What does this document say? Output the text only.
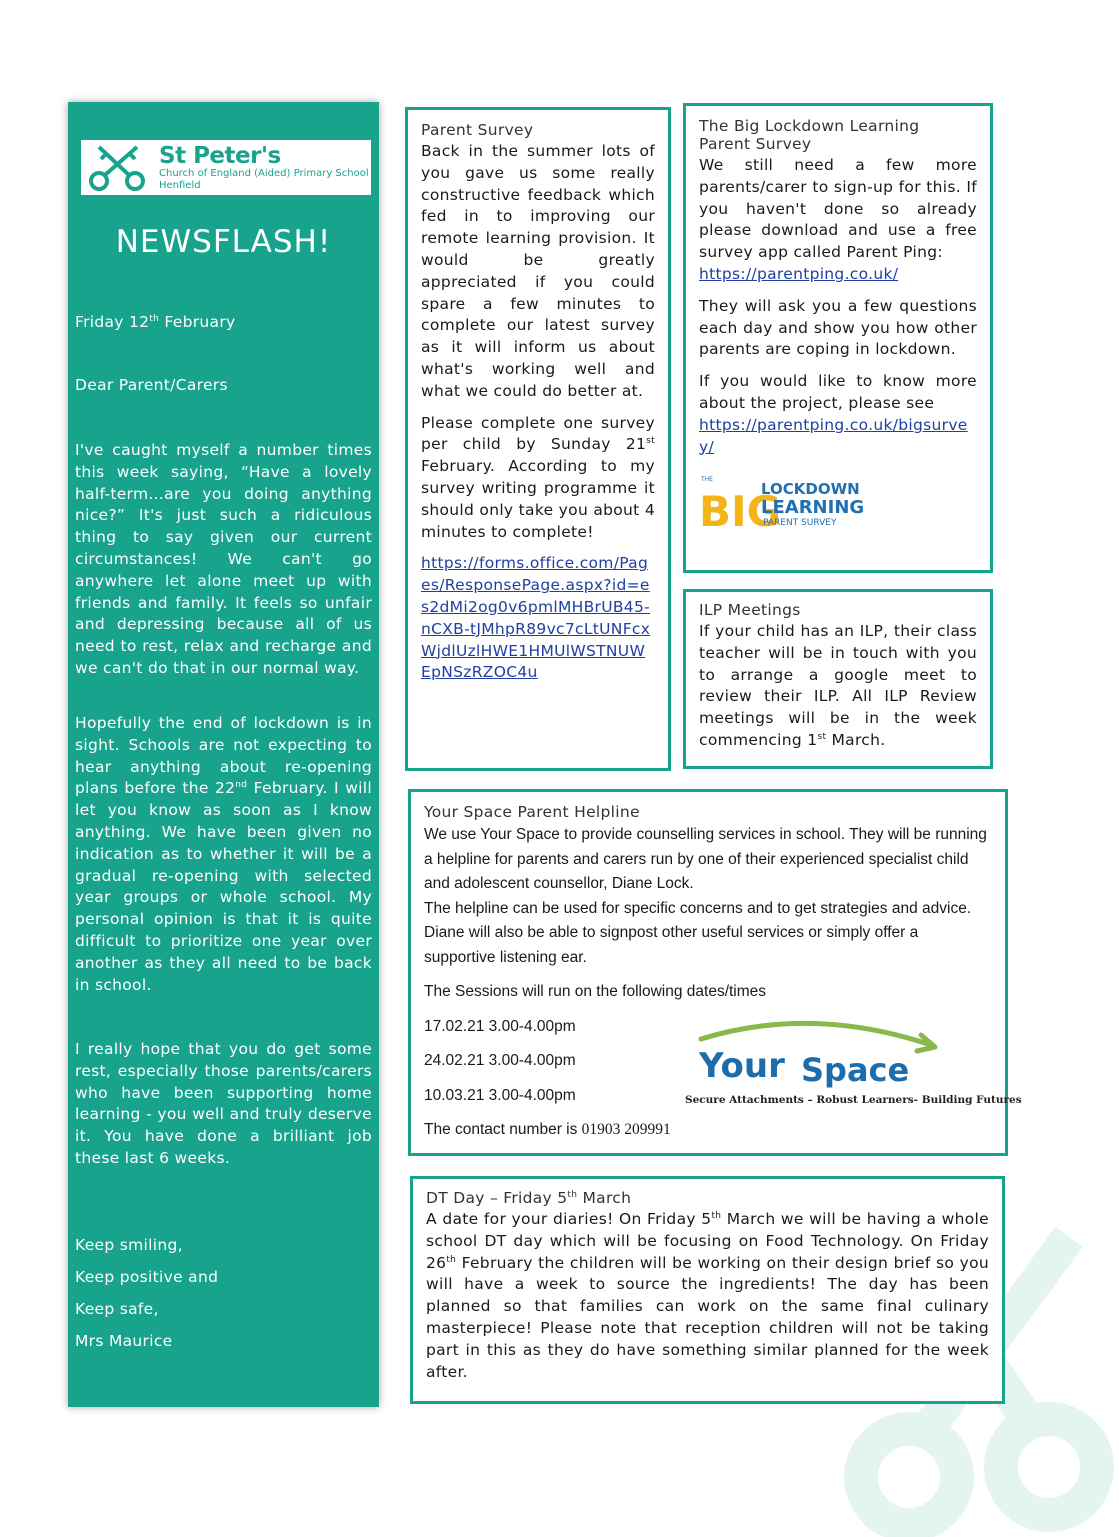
St Peter's
Church of England (Aided) Primary School
Henfield
NEWSFLASH!
Friday 12th February
Dear Parent/Carers
I've caught myself a number times this week saying, “Have a lovely half-term…are you doing anything nice?” It's just such a ridiculous thing to say given our current circumstances! We can't go anywhere let alone meet up with friends and family. It feels so unfair and depressing because all of us need to rest, relax and recharge and we can't do that in our normal way.
Hopefully the end of lockdown is in sight. Schools are not expecting to hear anything about re-opening plans before the 22nd February. I will let you know as soon as I know anything. We have been given no indication as to whether it will be a gradual re-opening with selected year groups or whole school. My personal opinion is that it is quite difficult to prioritize one year over another as they all need to be back in school.
I really hope that you do get some rest, especially those parents/carers who have been supporting home learning - you well and truly deserve it. You have done a brilliant job these last 6 weeks.
Keep smiling,
Keep positive and
Keep safe,
Mrs Maurice
Parent Survey

Back in the summer lots of you gave us some really constructive feedback which fed in to improving our remote learning provision. It would be greatly appreciated if you could spare a few minutes to complete our latest survey as it will inform us about what's working well and what we could do better at.

Please complete one survey per child by Sunday 21st February. According to my survey writing programme it should only take you about 4 minutes to complete!

https://forms.office.com/Pages/ResponsePage.aspx?id=es2dMi2og0v6pmlMHBrUB45-nCXB-tJMhpR89vc7cLtUNFcxWjdlUzlHWE1HMUlWSTNUWEpNSzRZOC4u

The Big Lockdown Learning
Parent Survey

We still need a few more parents/carer to sign-up for this. If you haven't done so already please download and use a free survey app called Parent Ping:

https://parentping.co.uk/

They will ask you a few questions each day and show you how other parents are coping in lockdown.

If you would like to know more about the project, please see

https://parentping.co.uk/bigsurvey/

THE
BIG
LOCKDOWN
LEARNING
PARENT SURVEY
ILP Meetings
If your child has an ILP, their class teacher will be in touch with you to arrange a google meet to review their ILP. All ILP Review meetings will be in the week commencing 1st March.
Your Space Parent Helpline
We use Your Space to provide counselling services in school. They will be running a helpline for parents and carers run by one of their experienced specialist child and adolescent counsellor, Diane Lock.
The helpline can be used for specific concerns and to get strategies and advice. Diane will also be able to signpost other useful services or simply offer a supportive listening ear.
The Sessions will run on the following dates/times
17.02.21 3.00-4.00pm
24.02.21 3.00-4.00pm
10.03.21 3.00-4.00pm
The contact number is 01903 209991
Your Space
Secure Attachments – Robust Learners- Building Futures
DT Day – Friday 5th March
A date for your diaries! On Friday 5th March we will be having a whole school DT day which will be focusing on Food Technology. On Friday 26th February the children will be working on their design brief so you will have a week to source the ingredients! The day has been planned so that families can work on the same final culinary masterpiece! Please note that reception children will not be taking part in this as they do have something similar planned for the week after.
